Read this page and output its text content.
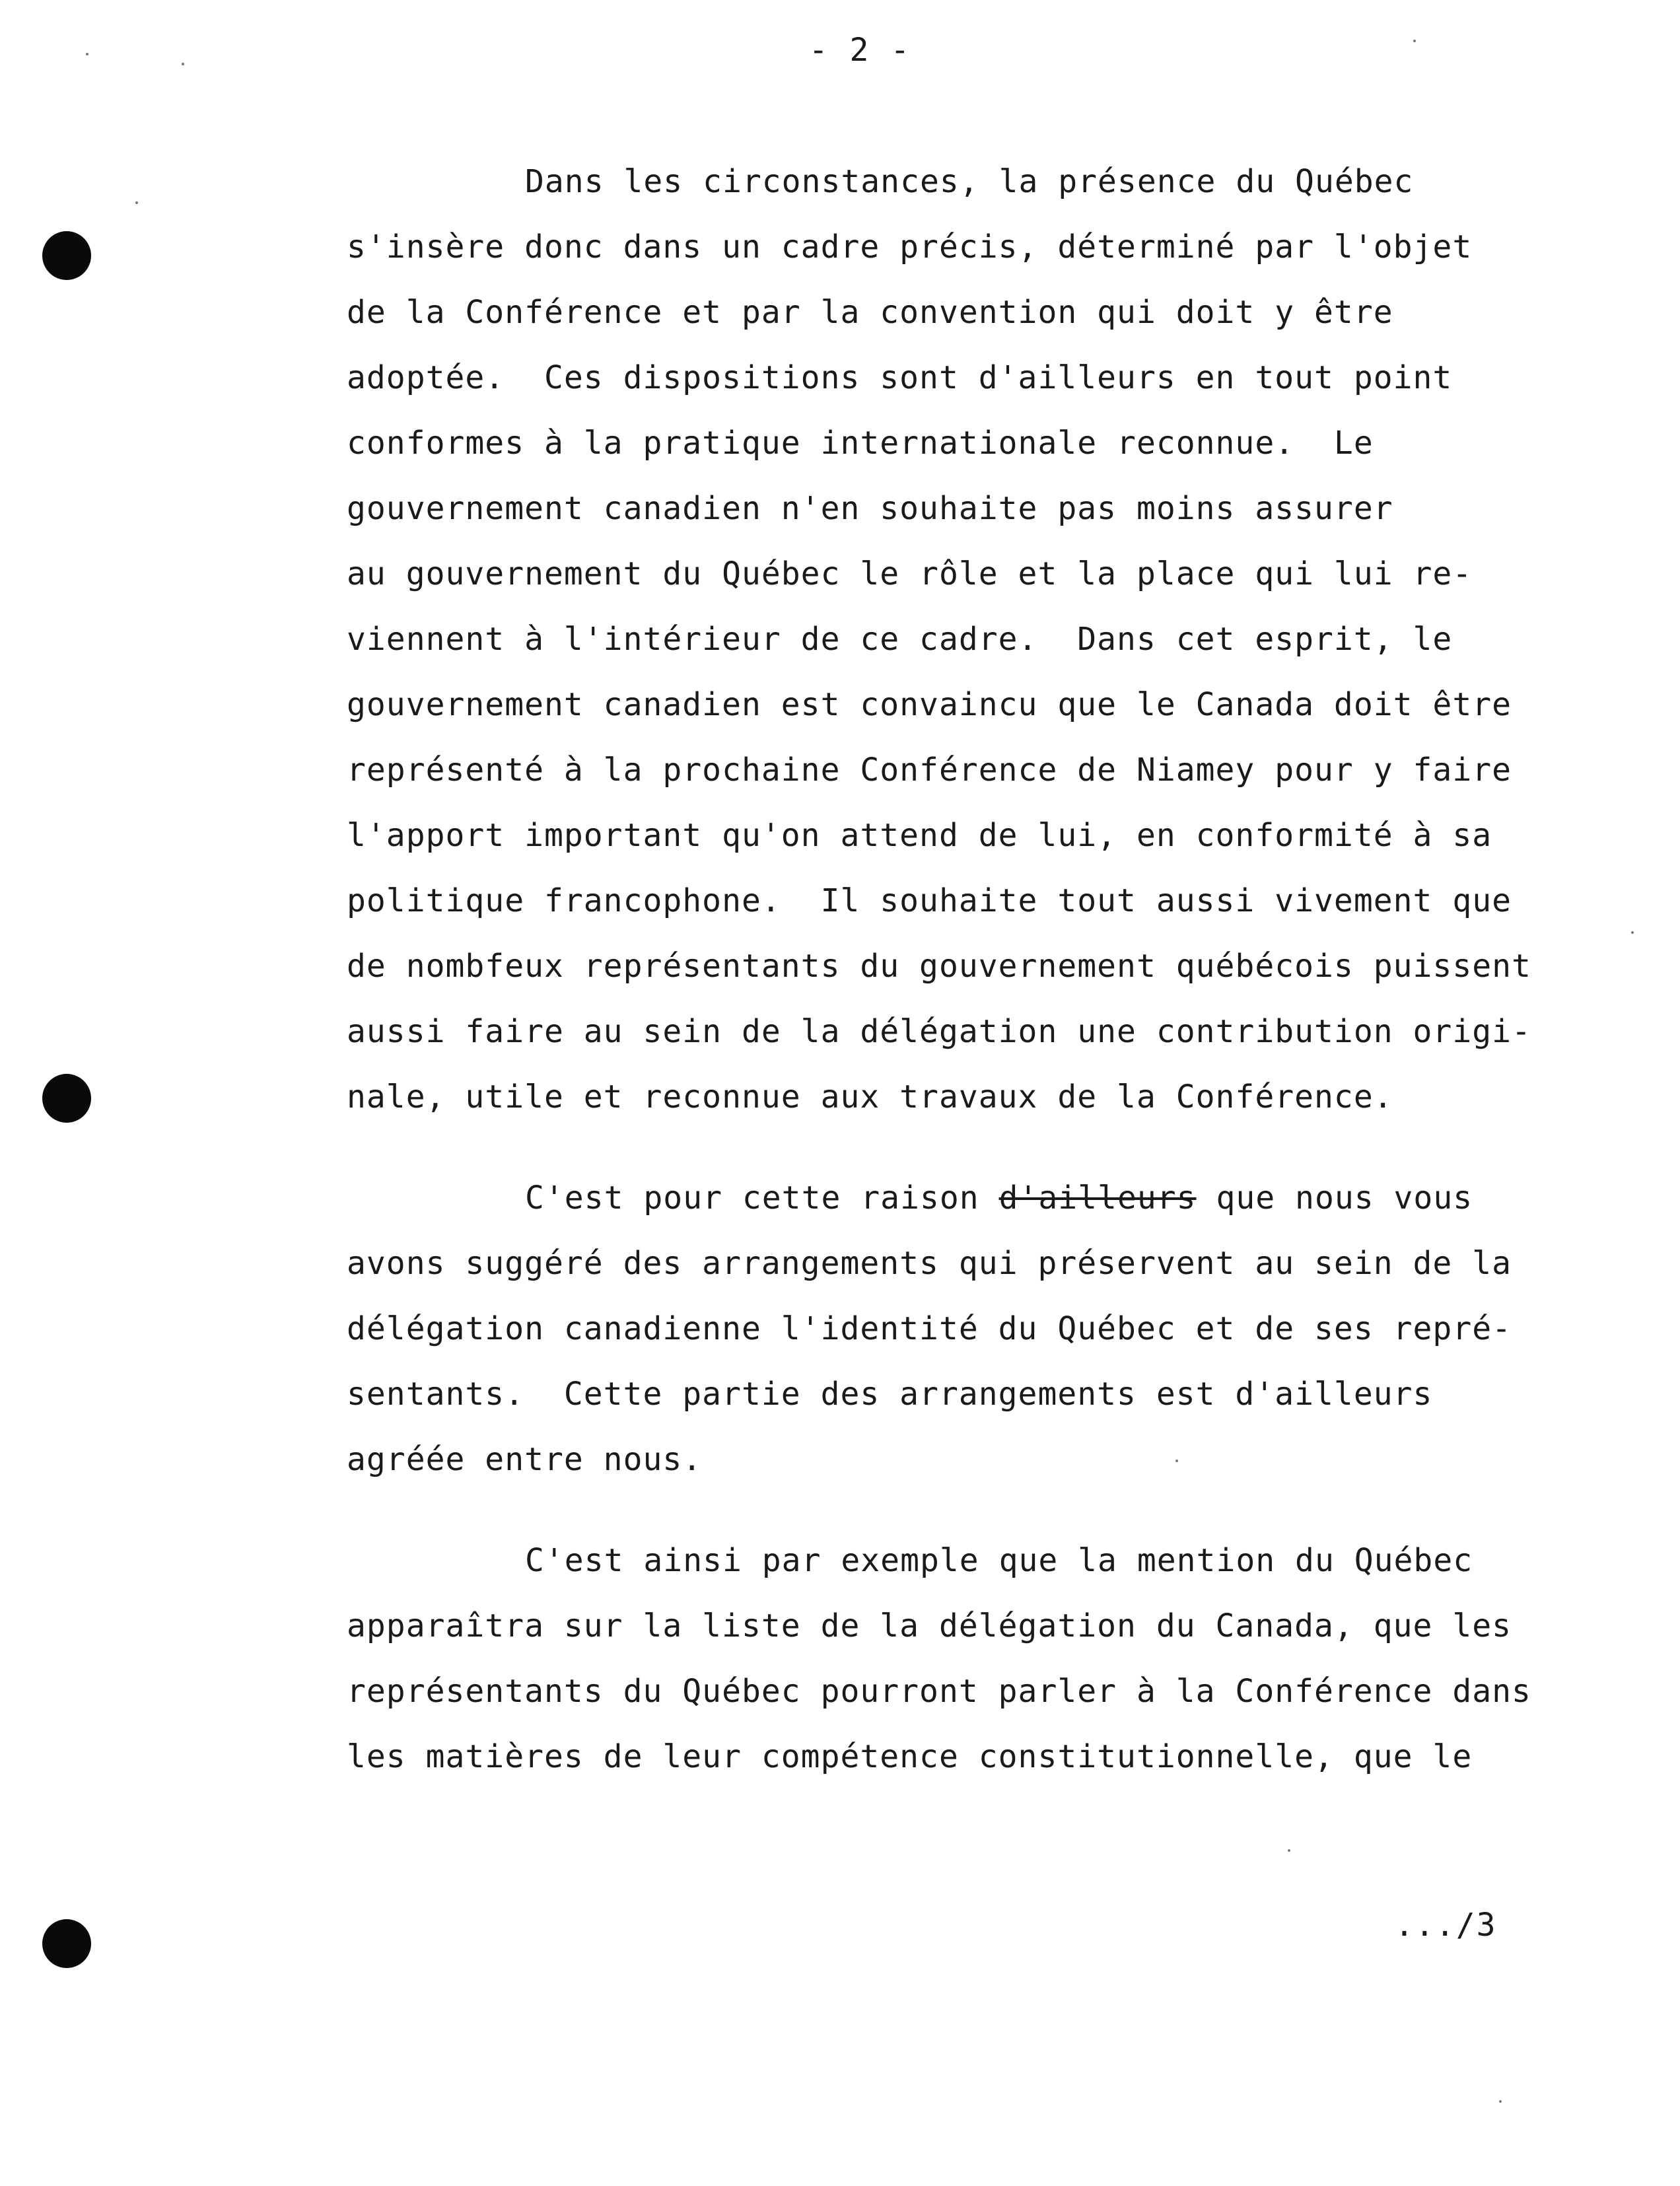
- 2 -
Dans les circonstances, la présence du Québec
s'insère donc dans un cadre précis, déterminé par l'objet
de la Conférence et par la convention qui doit y être
adoptée.  Ces dispositions sont d'ailleurs en tout point
conformes à la pratique internationale reconnue.  Le
gouvernement canadien n'en souhaite pas moins assurer
au gouvernement du Québec le rôle et la place qui lui re-
viennent à l'intérieur de ce cadre.  Dans cet esprit, le
gouvernement canadien est convaincu que le Canada doit être
représenté à la prochaine Conférence de Niamey pour y faire
l'apport important qu'on attend de lui, en conformité à sa
politique francophone.  Il souhaite tout aussi vivement que
de nombfeux représentants du gouvernement québécois puissent
aussi faire au sein de la délégation une contribution origi-
nale, utile et reconnue aux travaux de la Conférence.
C'est pour cette raison d'ailleurs que nous vous
avons suggéré des arrangements qui préservent au sein de la
délégation canadienne l'identité du Québec et de ses repré-
sentants.  Cette partie des arrangements est d'ailleurs
agréée entre nous.
C'est ainsi par exemple que la mention du Québec
apparaîtra sur la liste de la délégation du Canada, que les
représentants du Québec pourront parler à la Conférence dans
les matières de leur compétence constitutionnelle, que le
.../3
